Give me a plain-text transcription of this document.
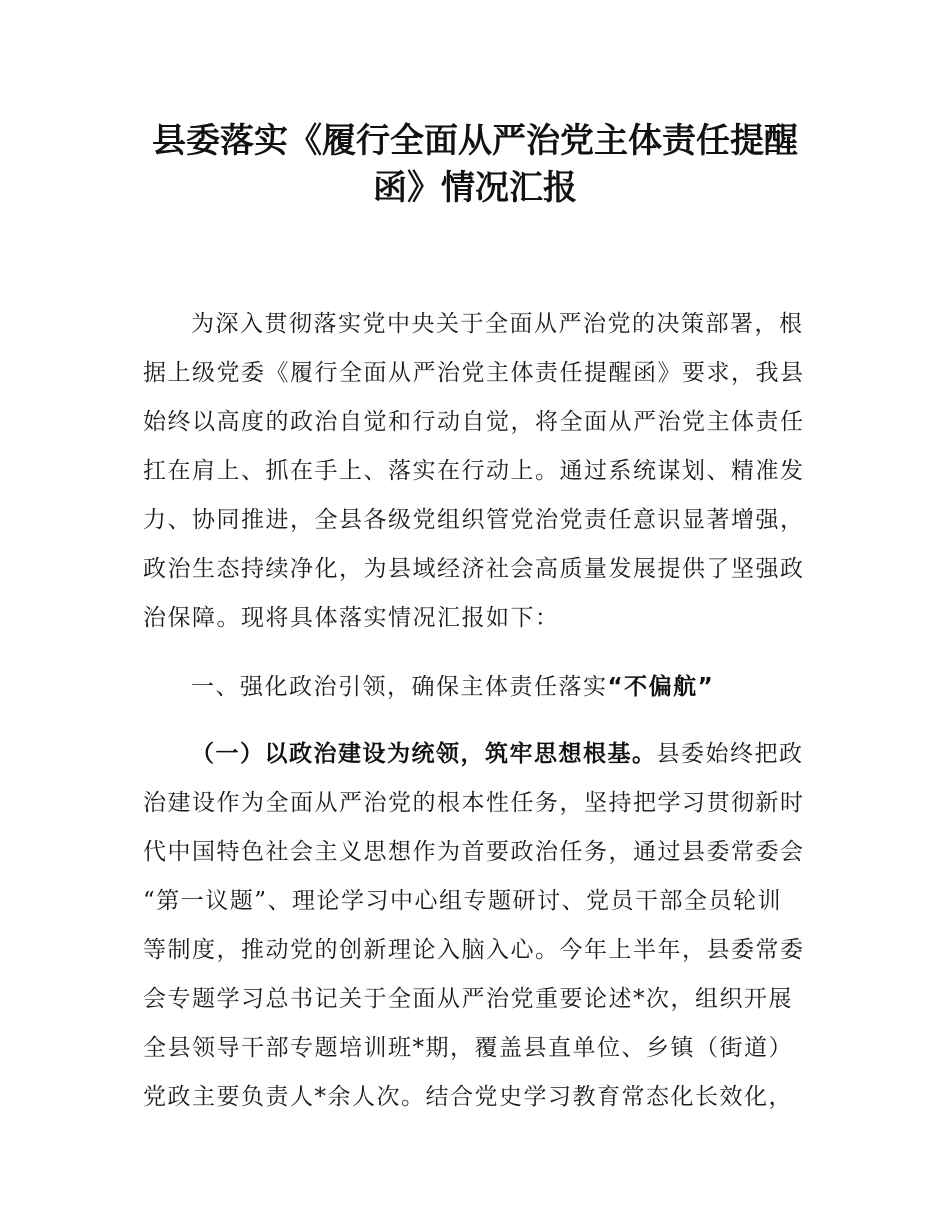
县委落实《履行全面从严治党主体责任提醒
函》情况汇报
为深入贯彻落实党中央关于全面从严治党的决策部署，根
据上级党委《履行全面从严治党主体责任提醒函》要求，我县
始终以高度的政治自觉和行动自觉，将全面从严治党主体责任
扛在肩上、抓在手上、落实在行动上。通过系统谋划、精准发
力、协同推进，全县各级党组织管党治党责任意识显著增强，
政治生态持续净化，为县域经济社会高质量发展提供了坚强政
治保障。现将具体落实情况汇报如下：
一、强化政治引领，确保主体责任落实“不偏航”
（一）以政治建设为统领，筑牢思想根基。县委始终把政
治建设作为全面从严治党的根本性任务，坚持把学习贯彻新时
代中国特色社会主义思想作为首要政治任务，通过县委常委会
“第一议题”、理论学习中心组专题研讨、党员干部全员轮训
等制度，推动党的创新理论入脑入心。今年上半年，县委常委
会专题学习总书记关于全面从严治党重要论述*次，组织开展
全县领导干部专题培训班*期，覆盖县直单位、乡镇（街道）
党政主要负责人*余人次。结合党史学习教育常态化长效化，
